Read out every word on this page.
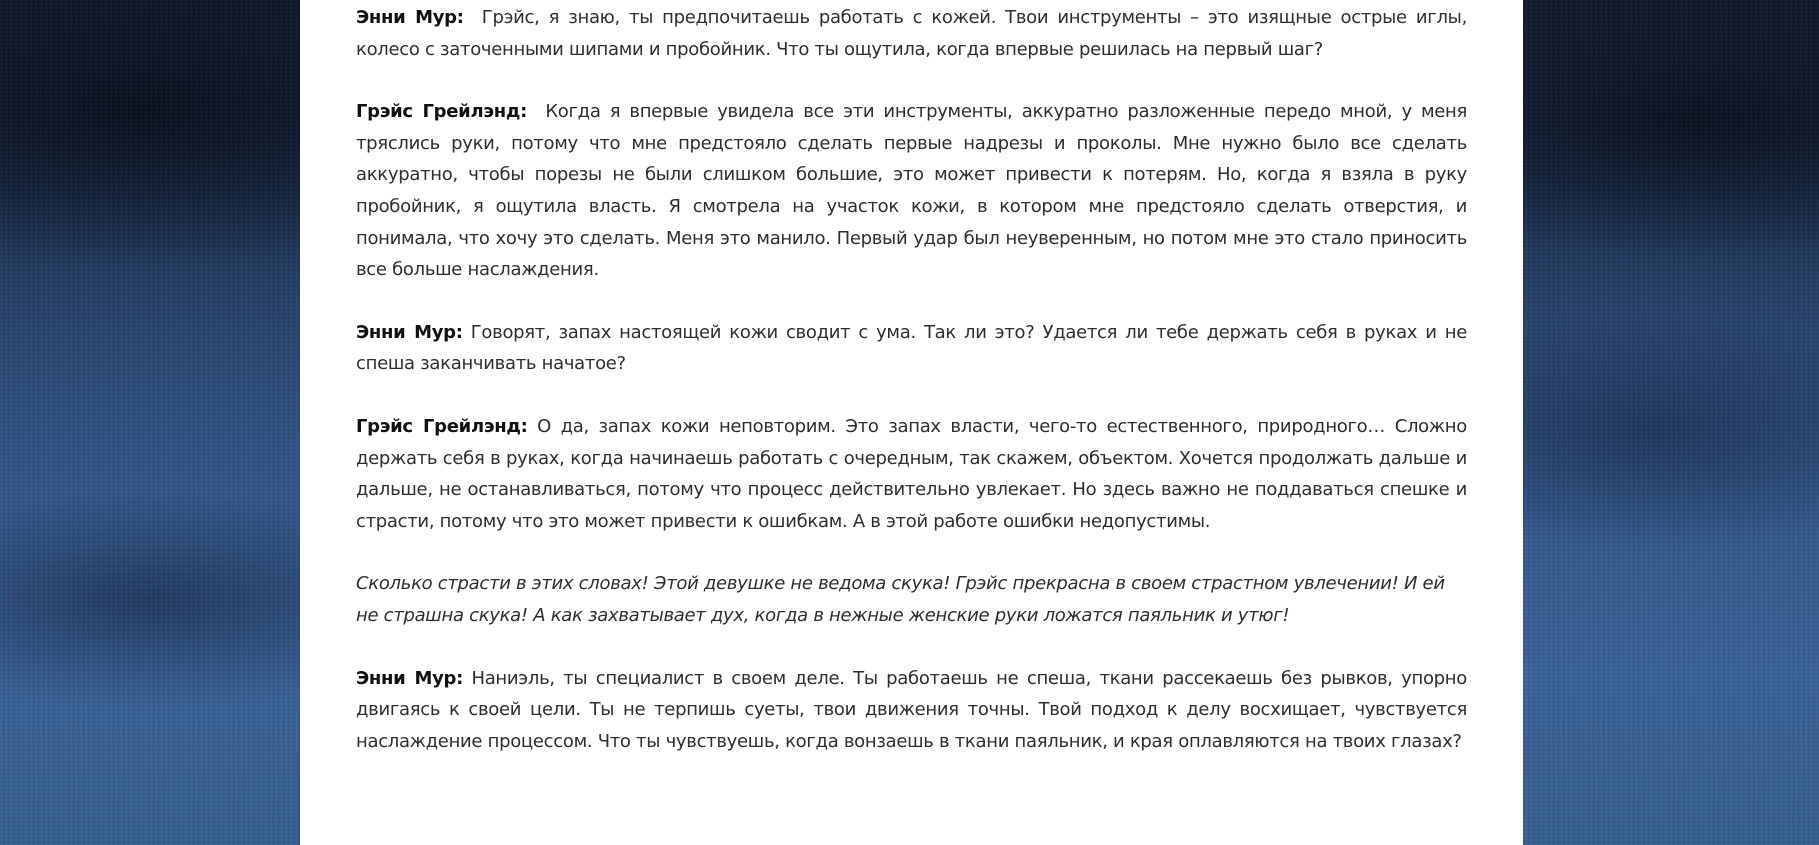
Энни Мур:  Грэйс, я знаю, ты предпочитаешь работать с кожей. Твои инструменты – это изящные острые иглы, колесо с заточенными шипами и пробойник. Что ты ощутила, когда впервые решилась на первый шаг?

Грэйс Грейлэнд:  Когда я впервые увидела все эти инструменты, аккуратно разложенные передо мной, у меня тряслись руки, потому что мне предстояло сделать первые надрезы и проколы. Мне нужно было все сделать аккуратно, чтобы порезы не были слишком большие, это может привести к потерям. Но, когда я взяла в руку пробойник, я ощутила власть. Я смотрела на участок кожи, в котором мне предстояло сделать отверстия, и понимала, что хочу это сделать. Меня это манило. Первый удар был неуверенным, но потом мне это стало приносить все больше наслаждения.

Энни Мур: Говорят, запах настоящей кожи сводит с ума. Так ли это? Удается ли тебе держать себя в руках и не спеша заканчивать начатое?

Грэйс Грейлэнд: О да, запах кожи неповторим. Это запах власти, чего-то естественного, природного… Сложно держать себя в руках, когда начинаешь работать с очередным, так скажем, объектом. Хочется продолжать дальше и дальше, не останавливаться, потому что процесс действительно увлекает. Но здесь важно не поддаваться спешке и страсти, потому что это может привести к ошибкам. А в этой работе ошибки недопустимы.

Сколько страсти в этих словах! Этой девушке не ведома скука! Грэйс прекрасна в своем страстном увлечении! И ей не страшна скука! А как захватывает дух, когда в нежные женские руки ложатся паяльник и утюг!

Энни Мур: Наниэль, ты специалист в своем деле. Ты работаешь не спеша, ткани рассекаешь без рывков, упорно двигаясь к своей цели. Ты не терпишь суеты, твои движения точны. Твой подход к делу восхищает, чувствуется наслаждение процессом. Что ты чувствуешь, когда вонзаешь в ткани паяльник, и края оплавляются на твоих глазах?
